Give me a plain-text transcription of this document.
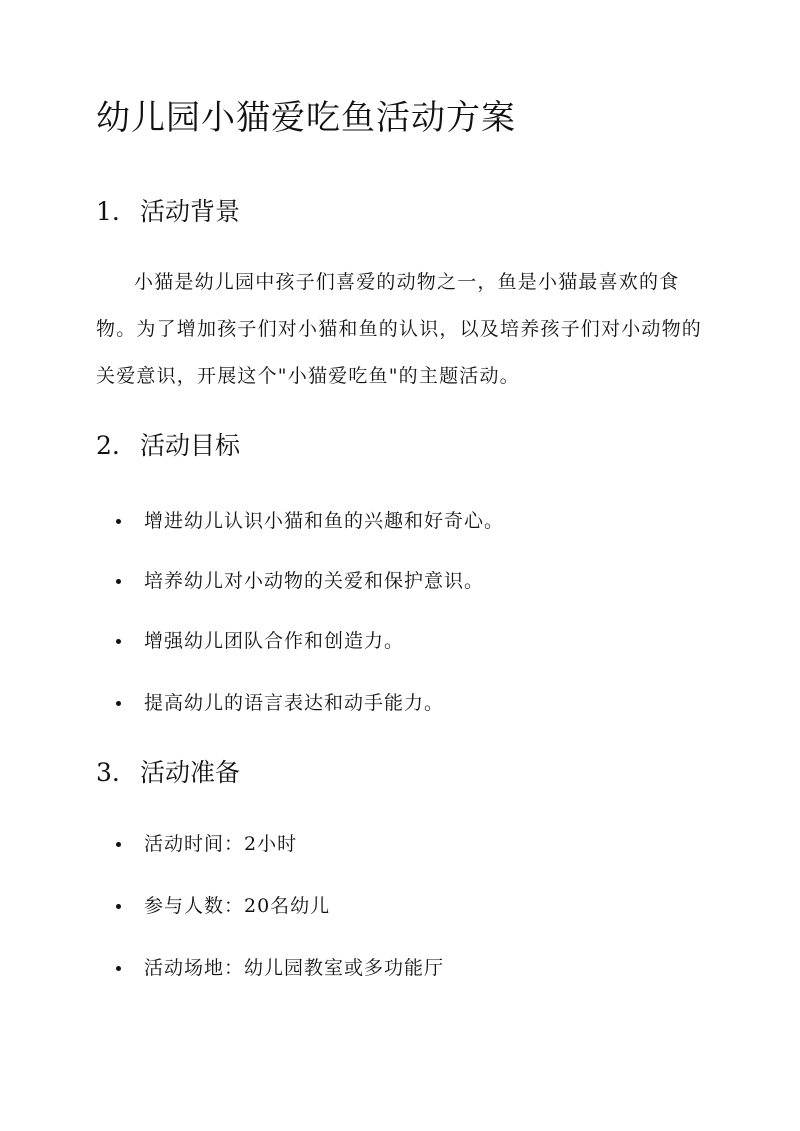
幼儿园小猫爱吃鱼活动方案
1. 活动背景

小猫是幼儿园中孩子们喜爱的动物之一，鱼是小猫最喜欢的食物。为了增加孩子们对小猫和鱼的认识，以及培养孩子们对小动物的关爱意识，开展这个"小猫爱吃鱼"的主题活动。

2. 活动目标
增进幼儿认识小猫和鱼的兴趣和好奇心。
培养幼儿对小动物的关爱和保护意识。
增强幼儿团队合作和创造力。
提高幼儿的语言表达和动手能力。
3. 活动准备
活动时间：2小时
参与人数：20名幼儿
活动场地：幼儿园教室或多功能厅
